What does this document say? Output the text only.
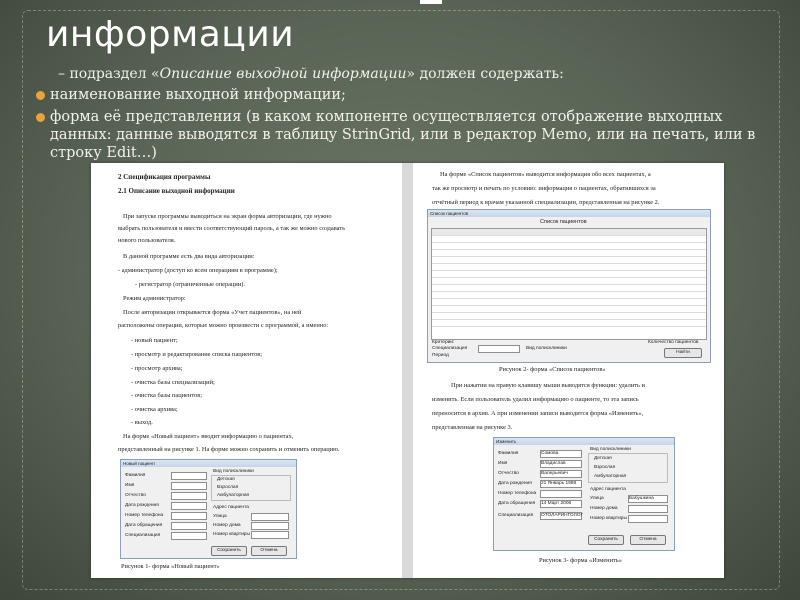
информации
– подраздел «Описание выходной информации» должен содержать:
наименование выходной информации;
форма её представления (в каком компоненте осуществляется отображение выходных данных: данные выводятся в таблицу StrinGrid, или в редактор Memo, или на печать, или в строку Edit…)
2 Спецификация программы
2.1 Описание выходной информации
При запуске программы выводиться на экран форма авторизации, где нужно
выбрать пользователя и ввести соответствующий пароль, а так же можно создавать
нового пользователя.
В данной программе есть два вида авторизации:
- администратор (доступ ко всем операциям в программе);
- регистратор (ограниченные операции).
Режим администратор:
После авторизации открывается форма «Учет пациентов», на ней
расположены операции, которые можно произвести с программой, а именно:
- новый пациент;
- просмотр и редактирование списка пациентов;
- просмотр архива;
- очистка базы специализаций;
- очистка базы пациентов;
- очистка архива;
- выход.
На форме «Новый пациент» вводит информацию о пациентах,
представленный на рисунке 1. На форме можно сохранить и отменить операцию.
Новый пациент
Фамилия
Имя
Отчество
Дата рождения
Номер телефона
Дата обращения
Специализация
Вид полисклиники
Детская
Взрослая
Амбулаторная
Адрес пациента
Улица
Номер дома
Номер квартиры
Сохранить	Отмена
Рисунок 1- форма «Новый пациент»
На форме «Список пациентов» выводится информация обо всех пациентах, а
так же просмотр и печать по условию: информация о пациентах, обратившихся за
отчётный период к врачам указанной специализации, представленная на рисунке 2.
Список пациентов
Список пациентов
Критерии:
Специализация
Период
Вид полисклиники
Количество пациентов
Найти
Рисунок 2- форма «Список пациентов»
При нажатии на правую клавишу мыши выводятся функции: удалить и
изменить. Если пользователь удалил информацию о пациенте, то эта запись
переносится в архив. А при изменении записи выводится форма «Изменить»,
представленная на рисунке 3.
Изменить
Фамилия	Сомова
Имя	Владислав
Отчество	Валерьевич
Дата рождения 21 Январь 1998
Номер телефона
Дата обращения 14 Март 2006
Специализация ОТОЛАРИНГОЛОГ
Вид полисклиники
Детская
Взрослая
Амбулаторная
Адрес пациента
Улица	Бабушкина
Номер дома
Номер квартиры
Сохранить	Отмена
Рисунок 3- форма «Изменить»
